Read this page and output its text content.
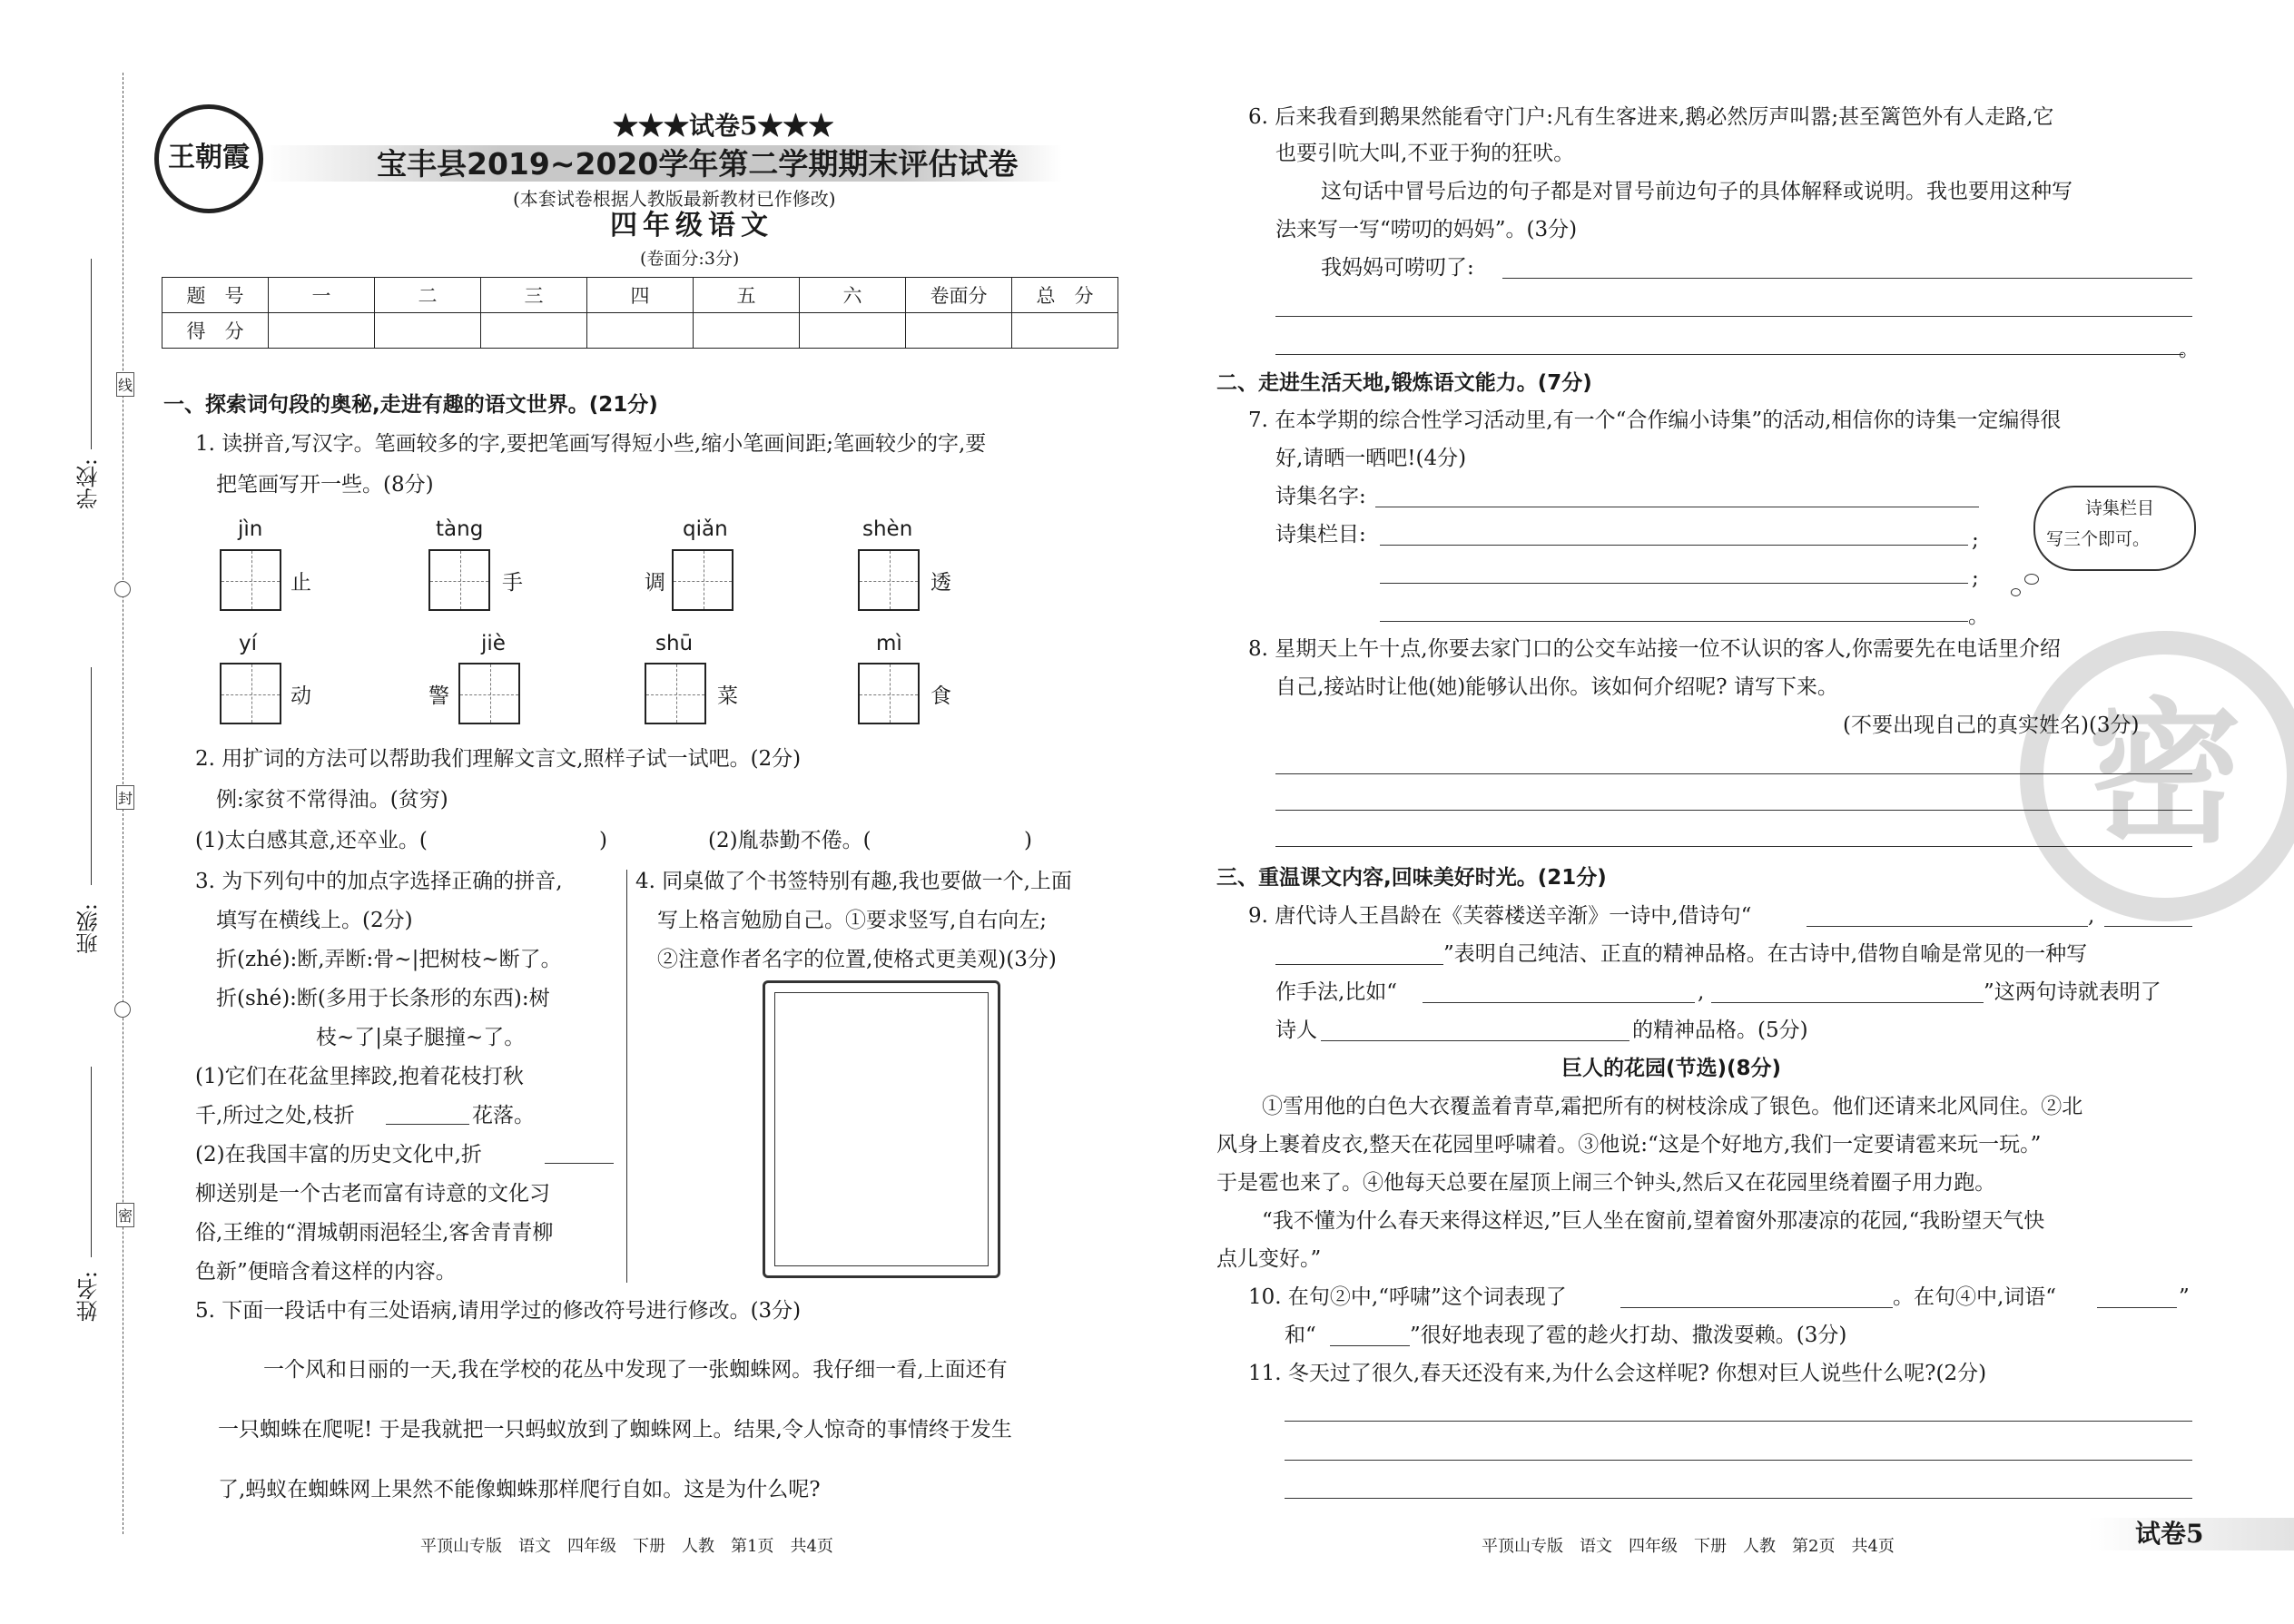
学校:
班级:
姓名:
线
封
密
王朝霞
★★★试卷5★★★
宝丰县2019~2020学年第二学期期末评估试卷
(本套试卷根据人教版最新教材已作修改)
四年级语文
(卷面分:3分)
题　号	一	二	三	四	五	六	卷面分	总　分
得　分								
一、探索词句段的奥秘,走进有趣的语文世界。(21分)
1. 读拼音,写汉字。笔画较多的字,要把笔画写得短小些,缩小笔画间距;笔画较少的字,要
把笔画写开一些。(8分)
jìn	tàng	qiǎn	shèn
止	手	调	透
yí	jiè	shū	mì
动	警	菜	食
2. 用扩词的方法可以帮助我们理解文言文,照样子试一试吧。(2分)
例:家贫不常得油。(贫穷)
(1)太白感其意,还卒业。(	)	(2)胤恭勤不倦。(	)
3. 为下列句中的加点字选择正确的拼音,
填写在横线上。(2分)
折(zhé):断,弄断:骨~|把树枝~断了。
折(shé):断(多用于长条形的东西):树
枝~了|桌子腿撞~了。
(1)它们在花盆里摔跤,抱着花枝打秋
千,所过之处,枝折	花落。
(2)在我国丰富的历史文化中,折
柳送别是一个古老而富有诗意的文化习
俗,王维的“渭城朝雨浥轻尘,客舍青青柳
色新”便暗含着这样的内容。
4. 同桌做了个书签特别有趣,我也要做一个,上面
写上格言勉励自己。①要求竖写,自右向左;
②注意作者名字的位置,使格式更美观)(3分)
5. 下面一段话中有三处语病,请用学过的修改符号进行修改。(3分)
一个风和日丽的一天,我在学校的花丛中发现了一张蜘蛛网。我仔细一看,上面还有
一只蜘蛛在爬呢! 于是我就把一只蚂蚁放到了蜘蛛网上。结果,令人惊奇的事情终于发生
了,蚂蚁在蜘蛛网上果然不能像蜘蛛那样爬行自如。这是为什么呢?
平顶山专版　语文　四年级　下册　人教　第1页　共4页
6. 后来我看到鹅果然能看守门户:凡有生客进来,鹅必然厉声叫嚣;甚至篱笆外有人走路,它
也要引吭大叫,不亚于狗的狂吠。
这句话中冒号后边的句子都是对冒号前边句子的具体解释或说明。我也要用这种写
法来写一写“唠叨的妈妈”。(3分)
我妈妈可唠叨了:
。
二、走进生活天地,锻炼语文能力。(7分)
7. 在本学期的综合性学习活动里,有一个“合作编小诗集”的活动,相信你的诗集一定编得很
好,请晒一晒吧!(4分)
诗集名字:
诗集栏目:	;
;
。
诗集栏目
写三个即可。
密
8. 星期天上午十点,你要去家门口的公交车站接一位不认识的客人,你需要先在电话里介绍
自己,接站时让他(她)能够认出你。该如何介绍呢? 请写下来。
(不要出现自己的真实姓名)(3分)
三、重温课文内容,回味美好时光。(21分)
9. 唐代诗人王昌龄在《芙蓉楼送辛渐》一诗中,借诗句“	,
”表明自己纯洁、正直的精神品格。在古诗中,借物自喻是常见的一种写
作手法,比如“	,	”这两句诗就表明了
诗人	的精神品格。(5分)
巨人的花园(节选)(8分)
①雪用他的白色大衣覆盖着青草,霜把所有的树枝涂成了银色。他们还请来北风同住。②北
风身上裹着皮衣,整天在花园里呼啸着。③他说:“这是个好地方,我们一定要请雹来玩一玩。”
于是雹也来了。④他每天总要在屋顶上闹三个钟头,然后又在花园里绕着圈子用力跑。
“我不懂为什么春天来得这样迟,”巨人坐在窗前,望着窗外那凄凉的花园,“我盼望天气快
点儿变好。”
10. 在句②中,“呼啸”这个词表现了	。在句④中,词语“	”
和“	”很好地表现了雹的趁火打劫、撒泼耍赖。(3分)
11. 冬天过了很久,春天还没有来,为什么会这样呢? 你想对巨人说些什么呢?(2分)
平顶山专版　语文　四年级　下册　人教　第2页　共4页	试卷5
